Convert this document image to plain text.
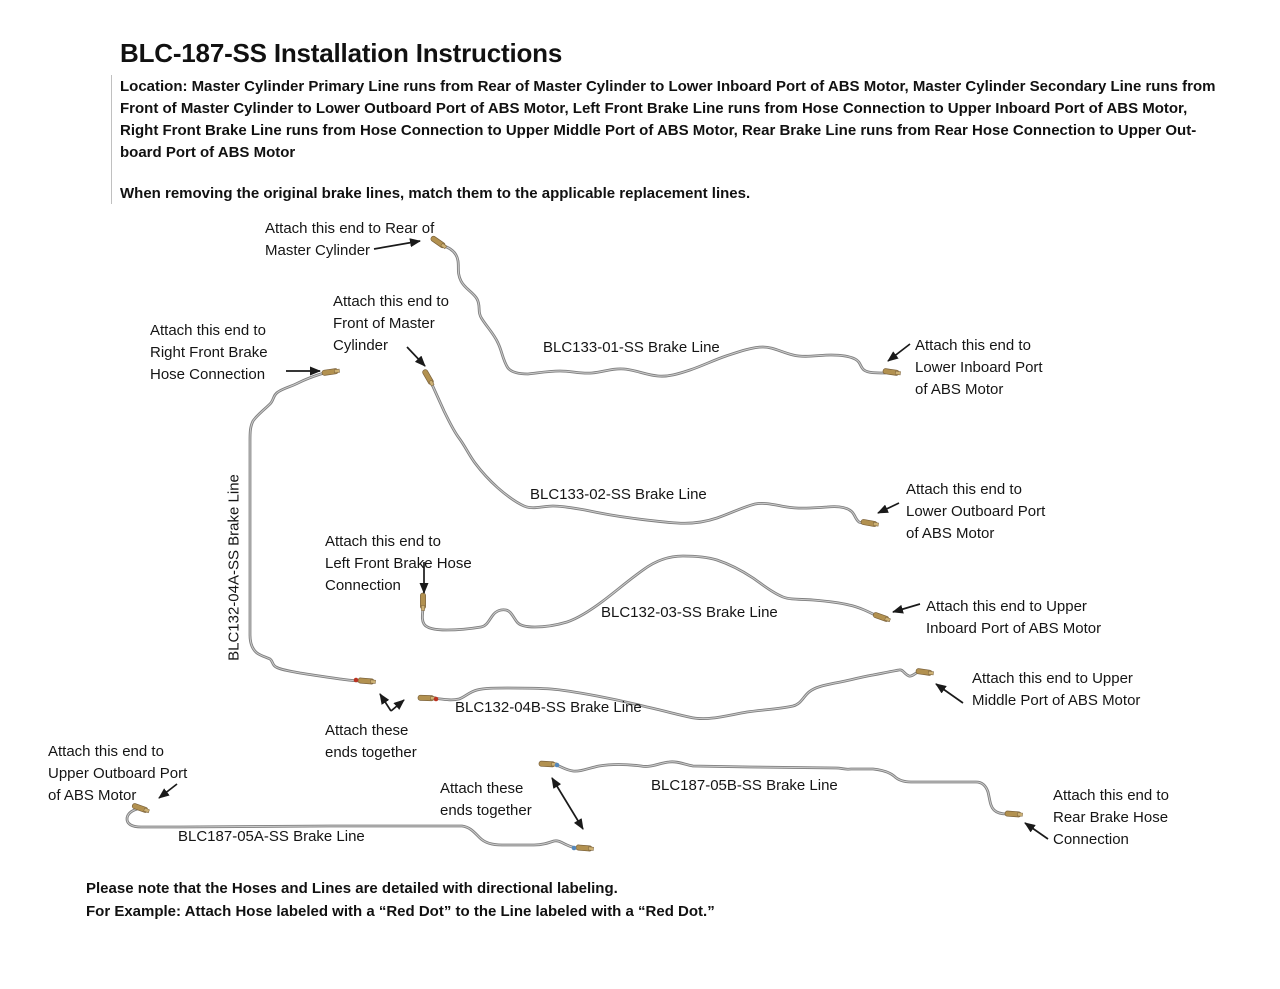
BLC-187-SS Installation Instructions
Location: Master Cylinder Primary Line runs from Rear of Master Cylinder to Lower Inboard Port of ABS Motor, Master Cylinder Secondary Line runs from
Front of Master Cylinder to Lower Outboard Port of ABS Motor, Left Front Brake Line runs from Hose Connection to Upper Inboard Port of ABS Motor,
Right Front Brake Line runs from Hose Connection to Upper Middle Port of ABS Motor, Rear Brake Line runs from Rear Hose Connection to Upper Out-
board Port of ABS Motor
When removing the original brake lines, match them to the applicable replacement lines.
Attach this end to Rear of
Master Cylinder
Attach this end to
Front of Master
Cylinder
Attach this end to
Right Front Brake
Hose Connection
Attach this end to
Lower Inboard Port
of ABS Motor
Attach this end to
Lower Outboard Port
of ABS Motor
Attach this end to
Left Front Brake Hose
Connection
Attach this end to Upper
Inboard Port of ABS Motor
Attach this end to Upper
Middle Port of ABS Motor
Attach these
ends together
Attach this end to
Upper Outboard Port
of ABS Motor	Attach these
ends together
Attach this end to
Rear Brake Hose
Connection
BLC133-01-SS Brake Line
BLC133-02-SS Brake Line
BLC132-03-SS Brake Line
BLC132-04A-SS Brake Line
BLC132-04B-SS Brake Line
BLC187-05A-SS Brake Line
BLC187-05B-SS Brake Line
Please note that the Hoses and Lines are detailed with directional labeling.
For Example: Attach Hose labeled with a “Red Dot” to the Line labeled with a “Red Dot.”
